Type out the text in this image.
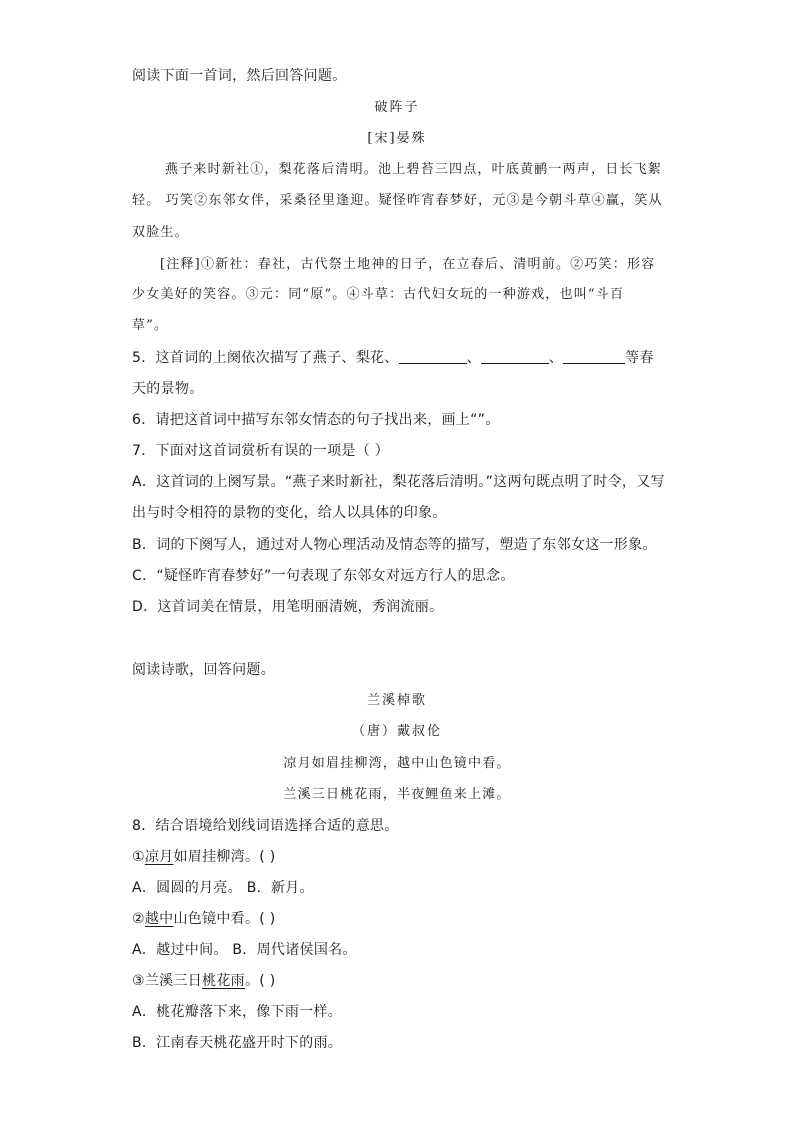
阅读下面一首词，然后回答问题。
破阵子
[宋]晏殊
燕子来时新社①，梨花落后清明。池上碧苔三四点，叶底黄鹂一两声，日长飞絮
轻。 巧笑②东邻女伴，采桑径里逢迎。疑怪昨宵春梦好，元③是今朝斗草④赢，笑从
双脸生。
[注释]①新社：春社，古代祭土地神的日子，在立春后、清明前。②巧笑：形容
少女美好的笑容。③元：同“原”。④斗草：古代妇女玩的一种游戏，也叫“斗百
草”。
5．这首词的上阕依次描写了燕子、梨花、	、	、	等春
天的景物。
6．请把这首词中描写东邻女情态的句子找出来，画上“”。
7．下面对这首词赏析有误的一项是（ ）
A．这首词的上阕写景。“燕子来时新社，梨花落后清明。”这两句既点明了时令，又写
出与时令相符的景物的变化，给人以具体的印象。
B．词的下阕写人，通过对人物心理活动及情态等的描写，塑造了东邻女这一形象。
C．“疑怪昨宵春梦好”一句表现了东邻女对远方行人的思念。
D．这首词美在情景，用笔明丽清婉，秀润流丽。
阅读诗歌，回答问题。
兰溪棹歌
（唐）戴叔伦
凉月如眉挂柳湾，越中山色镜中看。
兰溪三日桃花雨，半夜鲤鱼来上滩。
8．结合语境给划线词语选择合适的意思。
①凉月如眉挂柳湾。( )
A．圆圆的月亮。 B．新月。
②越中山色镜中看。( )
A．越过中间。 B．周代诸侯国名。
③兰溪三日桃花雨。( )
A．桃花瓣落下来，像下雨一样。
B．江南春天桃花盛开时下的雨。
